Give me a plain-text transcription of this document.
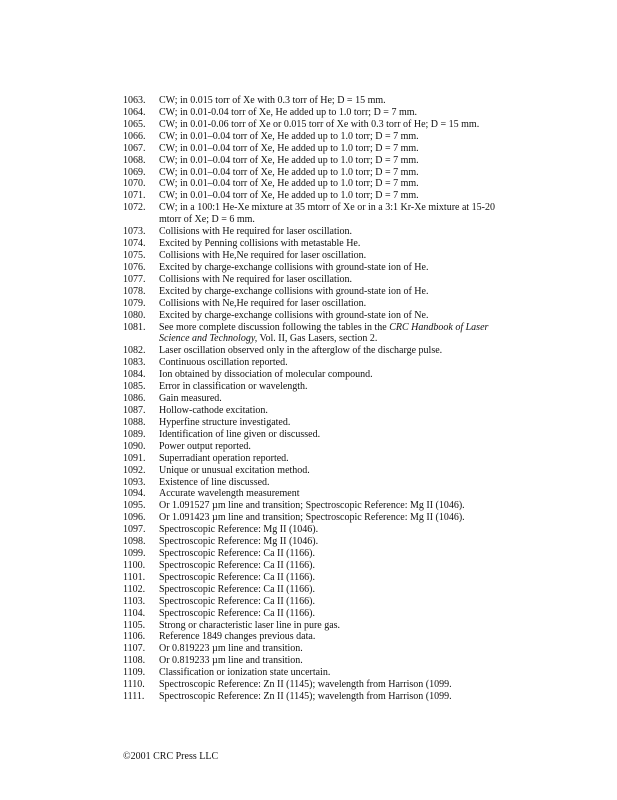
1063.	CW; in 0.015 torr of Xe with 0.3 torr of He; D = 15 mm.
1064.	CW; in 0.01-0.04 torr of Xe, He added up to 1.0 torr; D = 7 mm.
1065.	CW; in 0.01-0.06 torr of Xe or 0.015 torr of Xe with 0.3 torr of He; D = 15 mm.
1066.	CW; in 0.01–0.04 torr of Xe, He added up to 1.0 torr; D = 7 mm.
1067.	CW; in 0.01–0.04 torr of Xe, He added up to 1.0 torr; D = 7 mm.
1068.	CW; in 0.01–0.04 torr of Xe, He added up to 1.0 torr; D = 7 mm.
1069.	CW; in 0.01–0.04 torr of Xe, He added up to 1.0 torr; D = 7 mm.
1070.	CW; in 0.01–0.04 torr of Xe, He added up to 1.0 torr; D = 7 mm.
1071.	CW; in 0.01–0.04 torr of Xe, He added up to 1.0 torr; D = 7 mm.
1072.	CW; in a 100:1 He-Xe mixture at 35 mtorr of Xe or in a 3:1 Kr-Xe mixture at 15-20 mtorr of Xe; D = 6 mm.
1073.	Collisions with He required for laser oscillation.
1074.	Excited by Penning collisions with metastable He.
1075.	Collisions with He,Ne required for laser oscillation.
1076.	Excited by charge-exchange collisions with ground-state ion of He.
1077.	Collisions with Ne required for laser oscillation.
1078.	Excited by charge-exchange collisions with ground-state ion of He.
1079.	Collisions with Ne,He required for laser oscillation.
1080.	Excited by charge-exchange collisions with ground-state ion of Ne.
1081.	See more complete discussion following the tables in the CRC Handbook of Laser Science and Technology, Vol. II, Gas Lasers, section 2.
1082.	Laser oscillation observed only in the afterglow of the discharge pulse.
1083.	Continuous oscillation reported.
1084.	Ion obtained by dissociation of molecular compound.
1085.	Error in classification or wavelength.
1086.	Gain measured.
1087.	Hollow-cathode excitation.
1088.	Hyperfine structure investigated.
1089.	Identification of line given or discussed.
1090.	Power output reported.
1091.	Superradiant operation reported.
1092.	Unique or unusual excitation method.
1093.	Existence of line discussed.
1094.	Accurate wavelength measurement
1095.	Or 1.091527 µm line and transition; Spectroscopic Reference: Mg II (1046).
1096.	Or 1.091423 µm line and transition; Spectroscopic Reference: Mg II (1046).
1097.	Spectroscopic Reference: Mg II (1046).
1098.	Spectroscopic Reference: Mg II (1046).
1099.	Spectroscopic Reference: Ca II (1166).
1100.	Spectroscopic Reference: Ca II (1166).
1101.	Spectroscopic Reference: Ca II (1166).
1102.	Spectroscopic Reference: Ca II (1166).
1103.	Spectroscopic Reference: Ca II (1166).
1104.	Spectroscopic Reference: Ca II (1166).
1105.	Strong or characteristic laser line in pure gas.
1106.	Reference 1849 changes previous data.
1107.	Or 0.819223 µm line and transition.
1108.	Or 0.819233 µm line and transition.
1109.	Classification or ionization state uncertain.
1110.	Spectroscopic Reference: Zn II (1145); wavelength from Harrison (1099.
1111.	Spectroscopic Reference: Zn II (1145); wavelength from Harrison (1099.
©2001 CRC Press LLC
